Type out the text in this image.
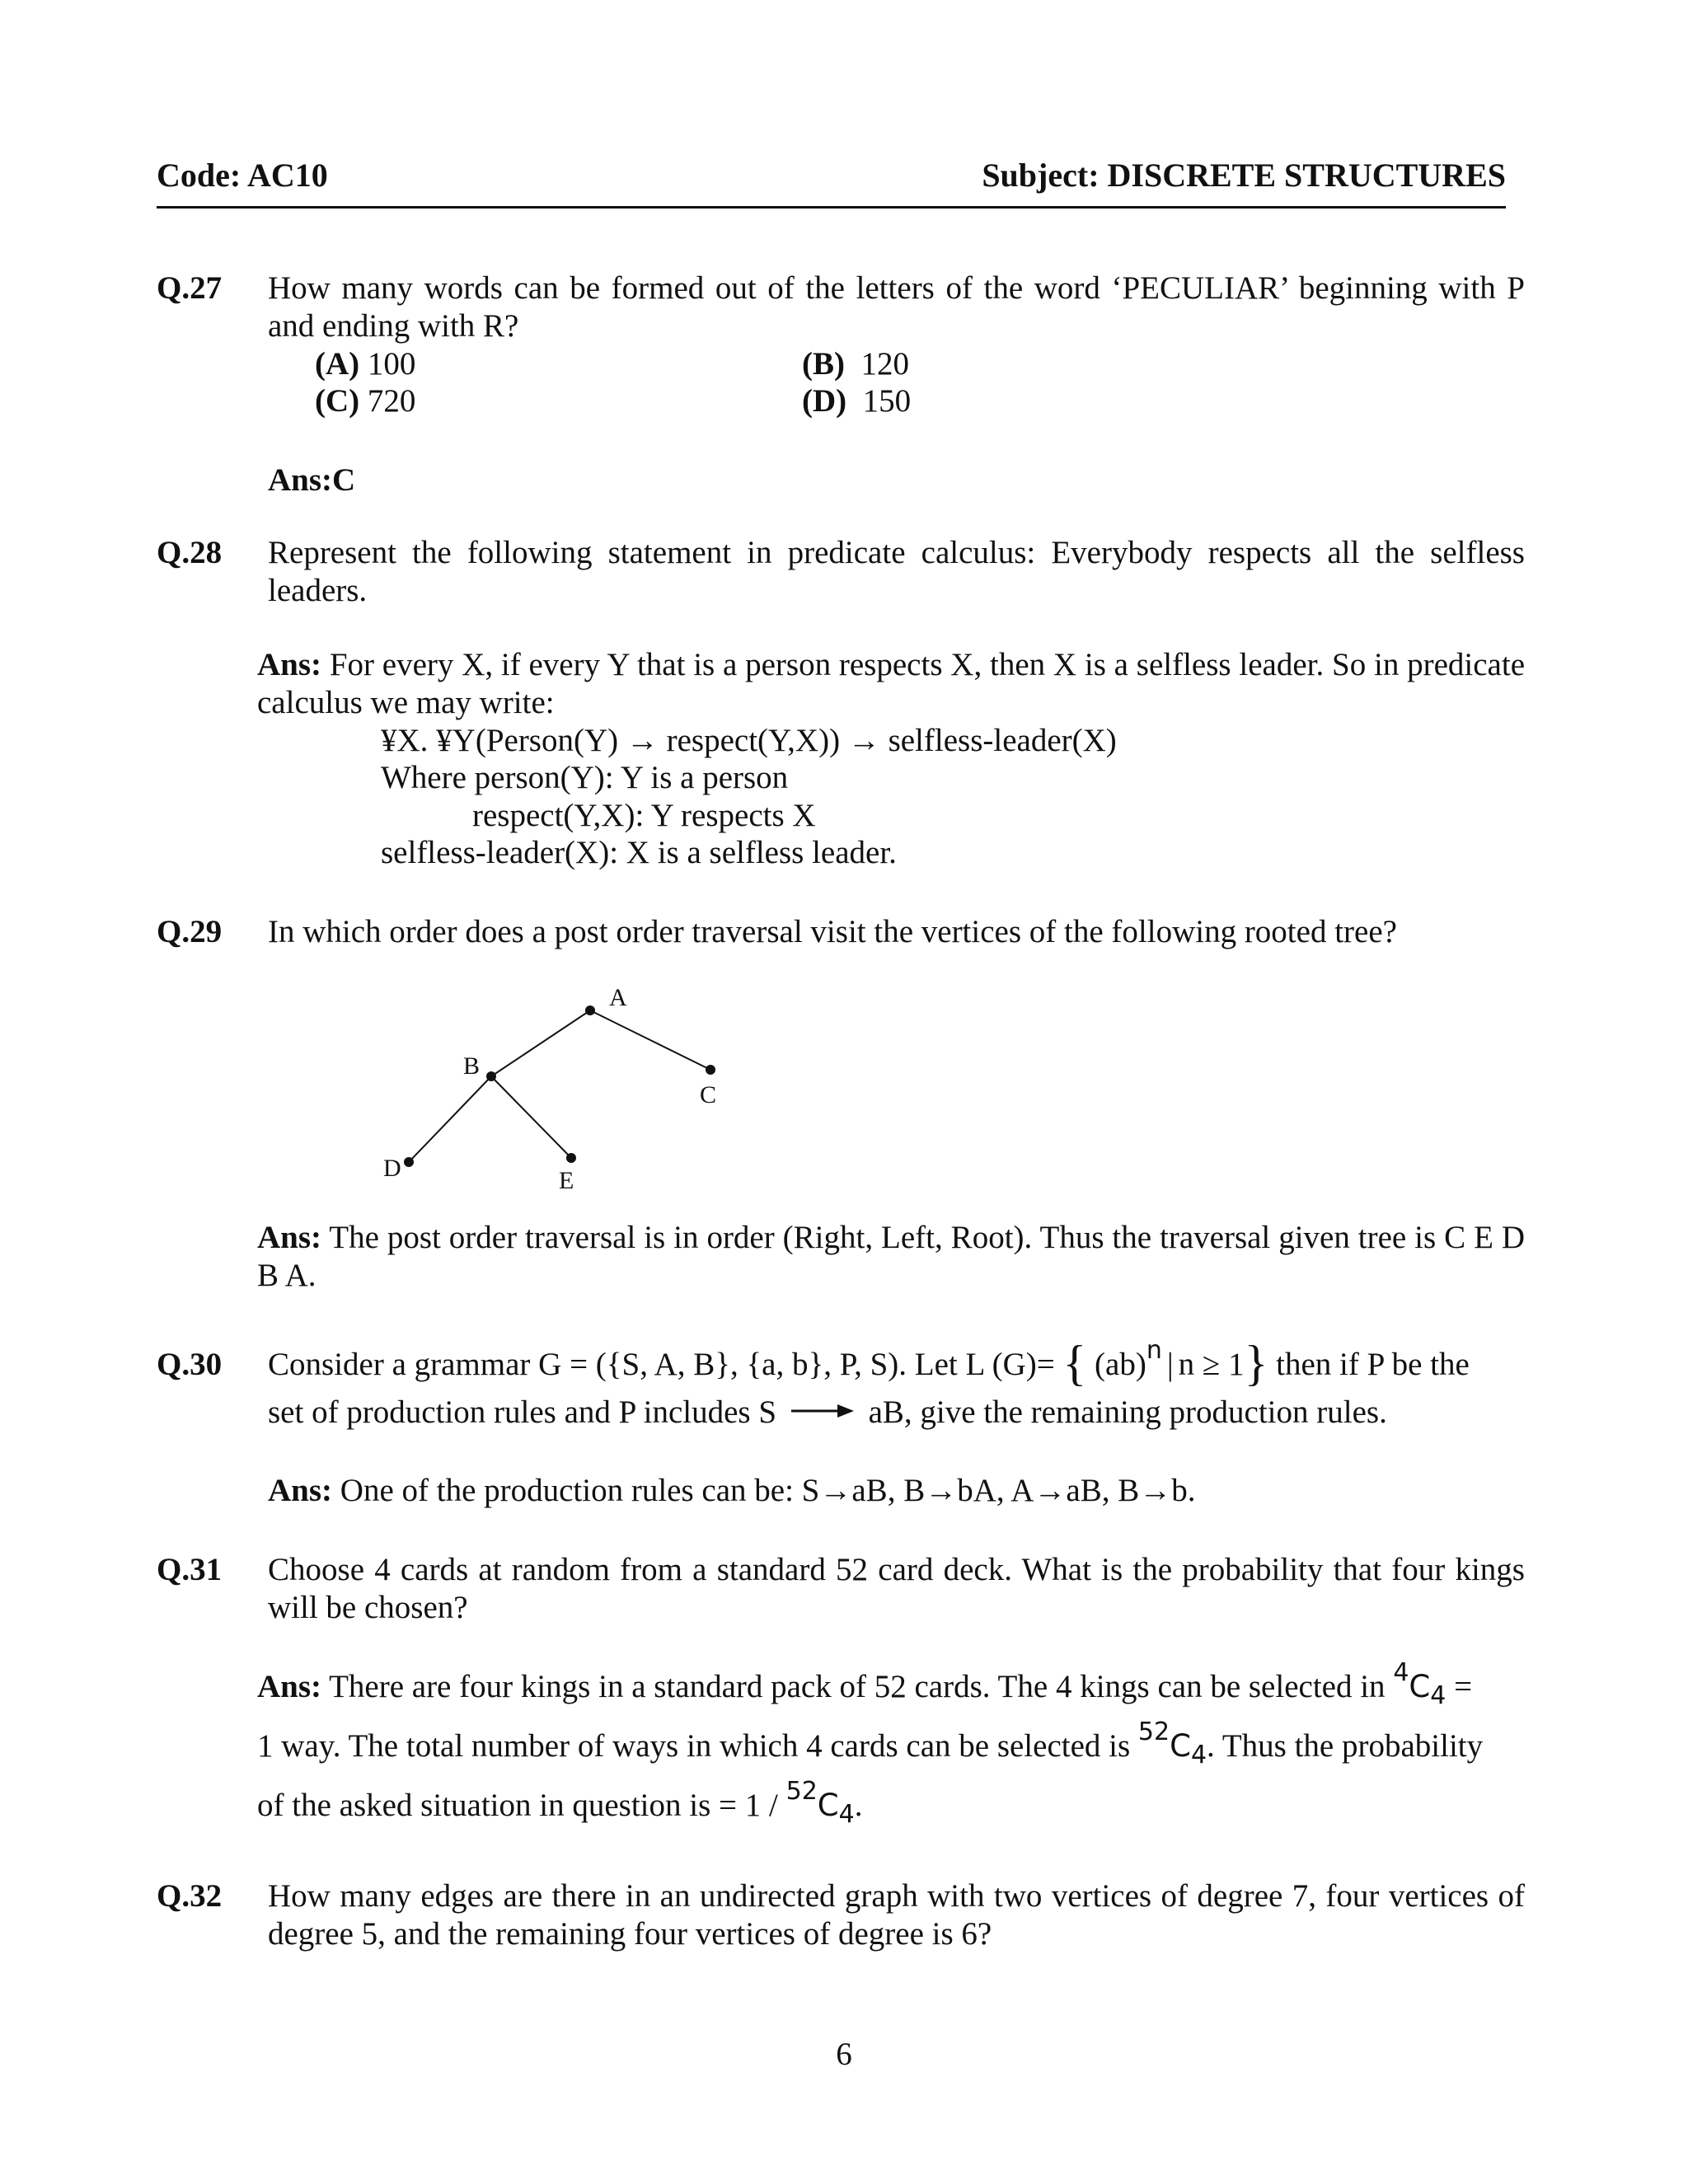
Code: AC10	Subject: DISCRETE STRUCTURES
Q.27 How many words can be formed out of the letters of the word ‘PECULIAR’ beginning with P and ending with R?
(A) 100	(B) 120
(C) 720	(D) 150
Ans:C
Q.28 Represent the following statement in predicate calculus: Everybody respects all the selfless leaders.
Ans: For every X, if every Y that is a person respects X, then X is a selfless leader. So in predicate calculus we may write:
¥X. ¥Y(Person(Y) → respect(Y,X)) → selfless-leader(X)
Where person(Y): Y is a person
respect(Y,X): Y respects X
selfless-leader(X): X is a selfless leader.
Q.29 In which order does a post order traversal visit the vertices of the following rooted tree?
A
B
C
D	E
Ans: The post order traversal is in order (Right, Left, Root). Thus the traversal given tree is C E D B A.
Q.30 Consider a grammar G = ({S, A, B}, {a, b}, P, S). Let L (G)= { (ab)$^n$ | n ≥ 1} then if P be the
set of production rules and P includes S	aB, give the remaining production rules.
Ans: One of the production rules can be: S→aB, B→bA, A→aB, B→b.
Q.31 Choose 4 cards at random from a standard 52 card deck. What is the probability that four kings will be chosen?
Ans: There are four kings in a standard pack of 52 cards. The 4 kings can be selected in $^4C_4$ =
1 way. The total number of ways in which 4 cards can be selected is $^{52}C_4$. Thus the probability
of the asked situation in question is = $1 / ^{52}C_4$.
Q.32 How many edges are there in an undirected graph with two vertices of degree 7, four vertices of degree 5, and the remaining four vertices of degree is 6?
6
